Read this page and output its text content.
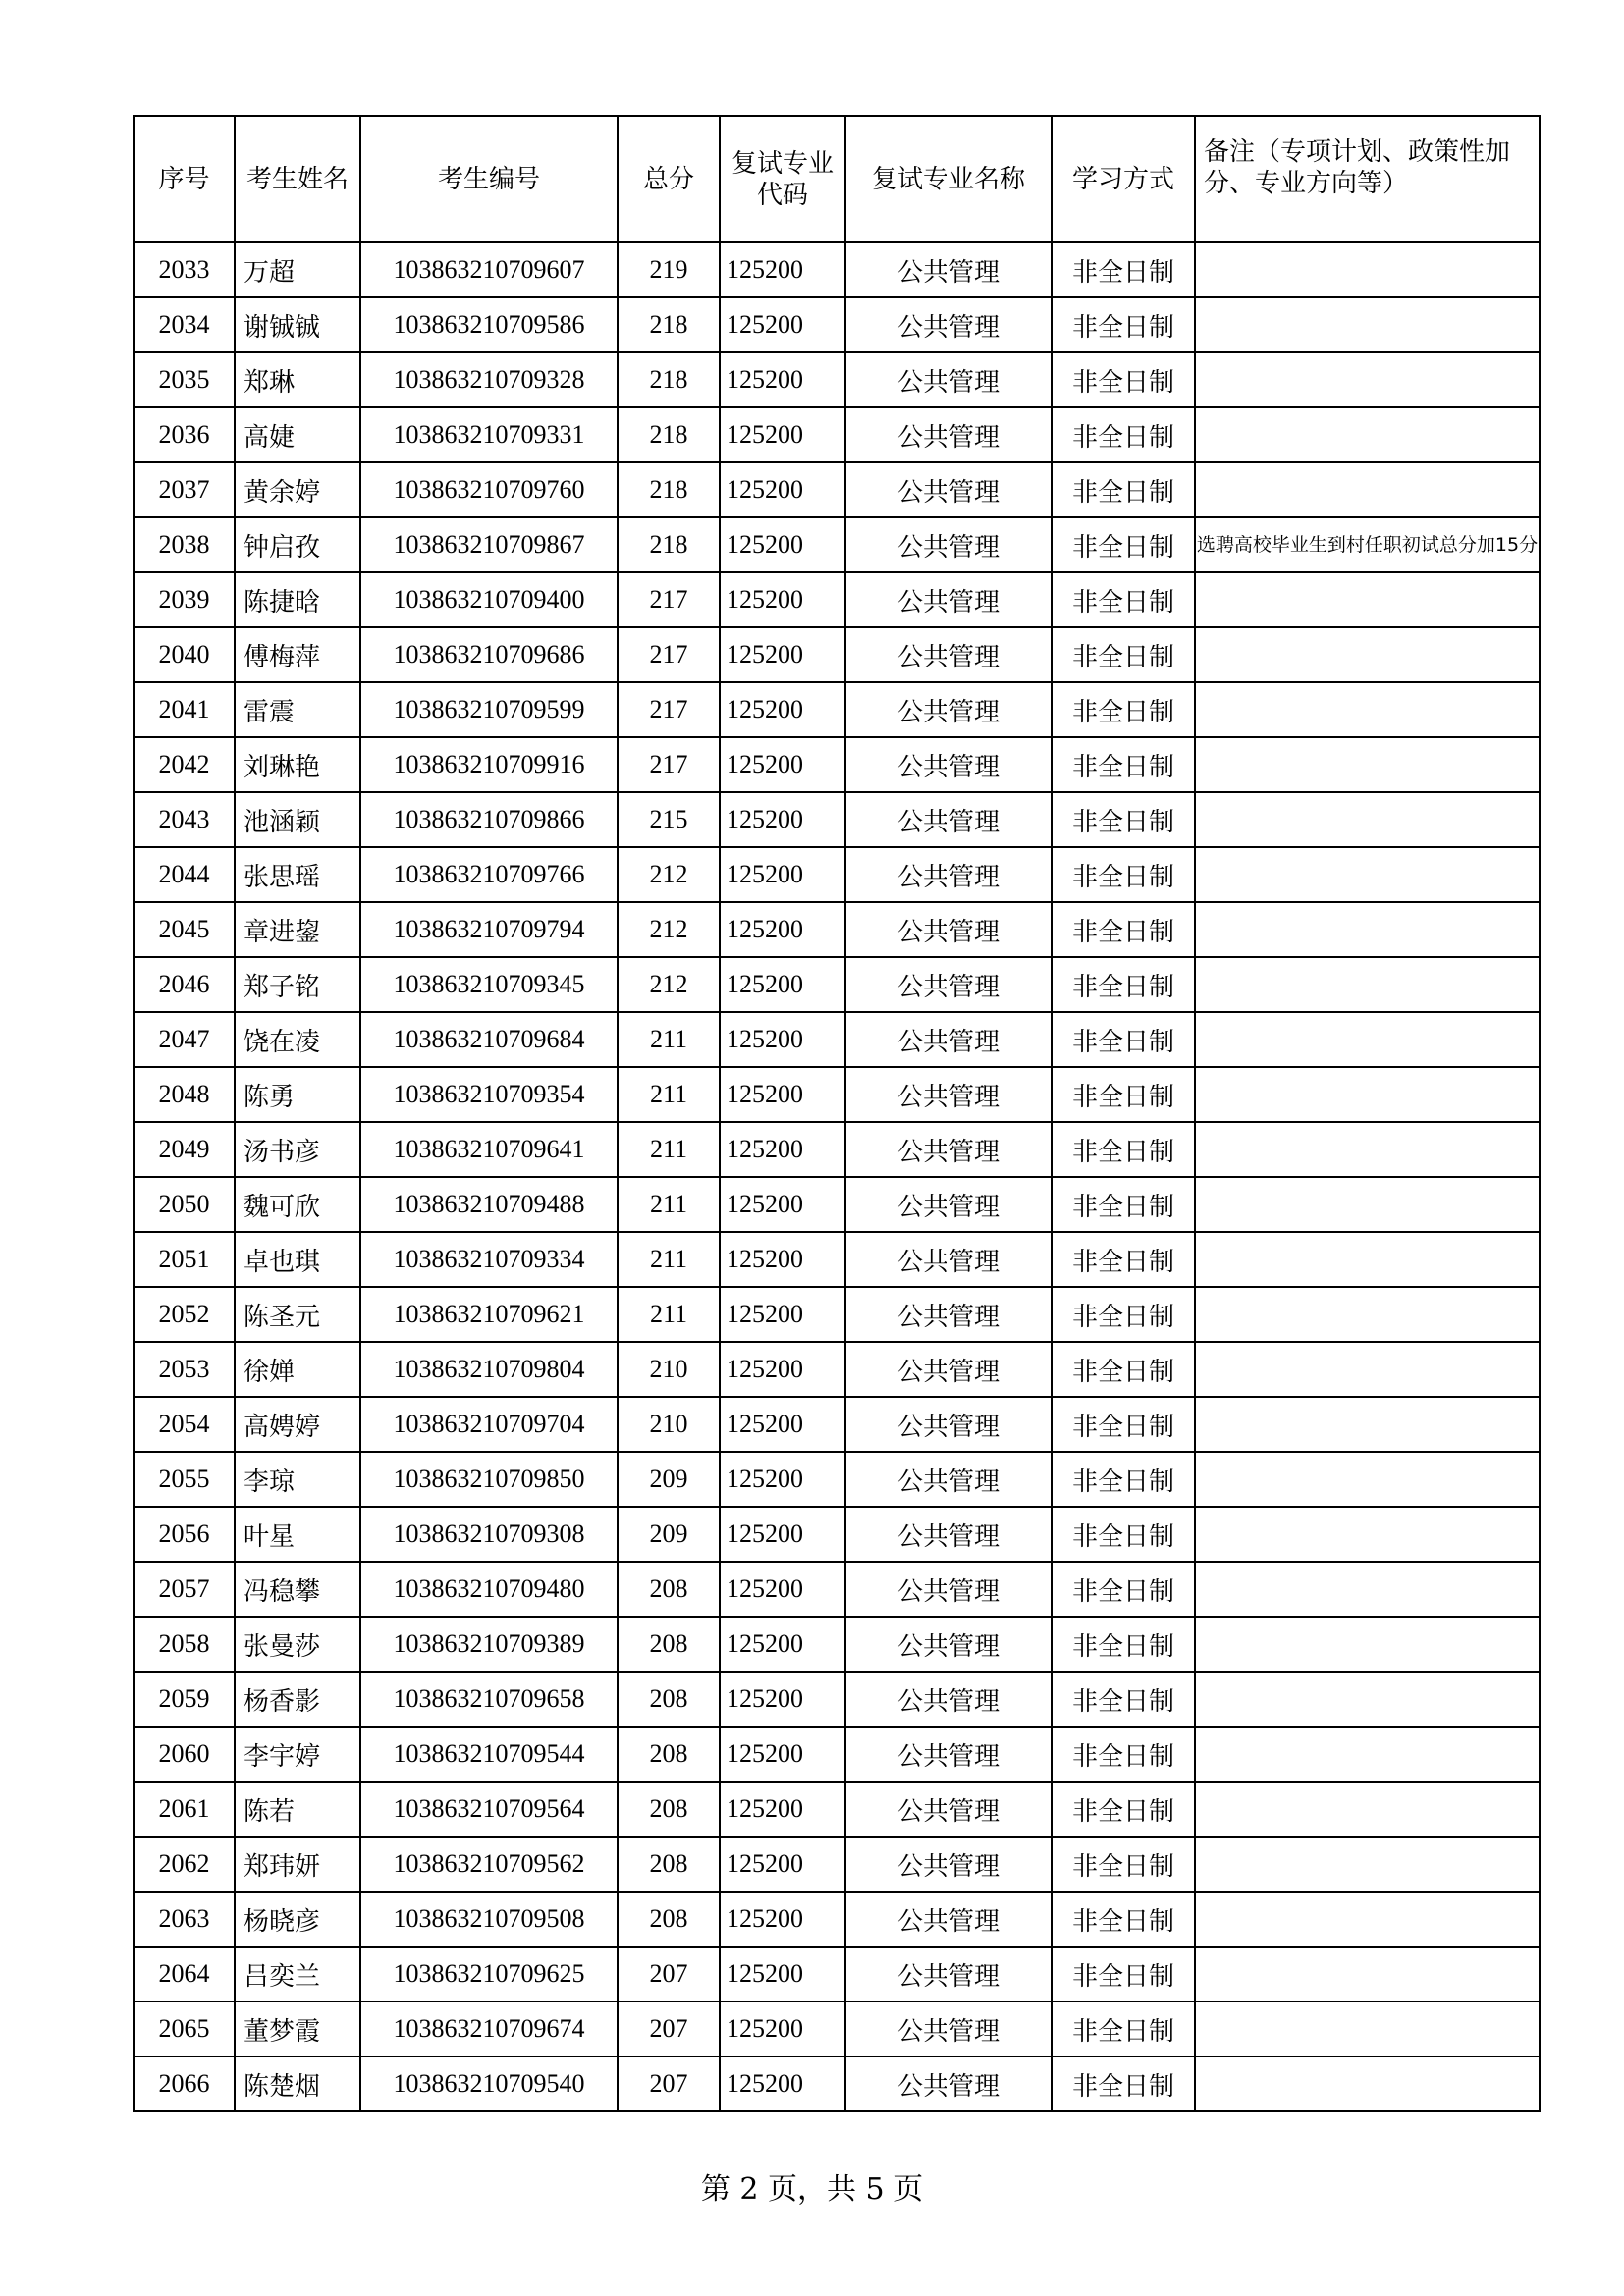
序号	考生姓名	考生编号	总分	复试专业代码	复试专业名称	学习方式	备注（专项计划、政策性加分、专业方向等）
2033	万超	103863210709607	219	125200	公共管理	非全日制	
2034	谢铖铖	103863210709586	218	125200	公共管理	非全日制	
2035	郑琳	103863210709328	218	125200	公共管理	非全日制	
2036	高婕	103863210709331	218	125200	公共管理	非全日制	
2037	黄余婷	103863210709760	218	125200	公共管理	非全日制	
2038	钟启孜	103863210709867	218	125200	公共管理	非全日制	选聘高校毕业生到村任职初试总分加15分
2039	陈捷晗	103863210709400	217	125200	公共管理	非全日制	
2040	傅梅萍	103863210709686	217	125200	公共管理	非全日制	
2041	雷震	103863210709599	217	125200	公共管理	非全日制	
2042	刘琳艳	103863210709916	217	125200	公共管理	非全日制	
2043	池涵颖	103863210709866	215	125200	公共管理	非全日制	
2044	张思瑶	103863210709766	212	125200	公共管理	非全日制	
2045	章进鋆	103863210709794	212	125200	公共管理	非全日制	
2046	郑子铭	103863210709345	212	125200	公共管理	非全日制	
2047	饶在凌	103863210709684	211	125200	公共管理	非全日制	
2048	陈勇	103863210709354	211	125200	公共管理	非全日制	
2049	汤书彦	103863210709641	211	125200	公共管理	非全日制	
2050	魏可欣	103863210709488	211	125200	公共管理	非全日制	
2051	卓也琪	103863210709334	211	125200	公共管理	非全日制	
2052	陈圣元	103863210709621	211	125200	公共管理	非全日制	
2053	徐婵	103863210709804	210	125200	公共管理	非全日制	
2054	高娉婷	103863210709704	210	125200	公共管理	非全日制	
2055	李琼	103863210709850	209	125200	公共管理	非全日制	
2056	叶星	103863210709308	209	125200	公共管理	非全日制	
2057	冯稳攀	103863210709480	208	125200	公共管理	非全日制	
2058	张曼莎	103863210709389	208	125200	公共管理	非全日制	
2059	杨香影	103863210709658	208	125200	公共管理	非全日制	
2060	李宇婷	103863210709544	208	125200	公共管理	非全日制	
2061	陈若	103863210709564	208	125200	公共管理	非全日制	
2062	郑玮妍	103863210709562	208	125200	公共管理	非全日制	
2063	杨晓彦	103863210709508	208	125200	公共管理	非全日制	
2064	吕奕兰	103863210709625	207	125200	公共管理	非全日制	
2065	董梦霞	103863210709674	207	125200	公共管理	非全日制	
2066	陈楚烟	103863210709540	207	125200	公共管理	非全日制	
第 2 页，共 5 页
